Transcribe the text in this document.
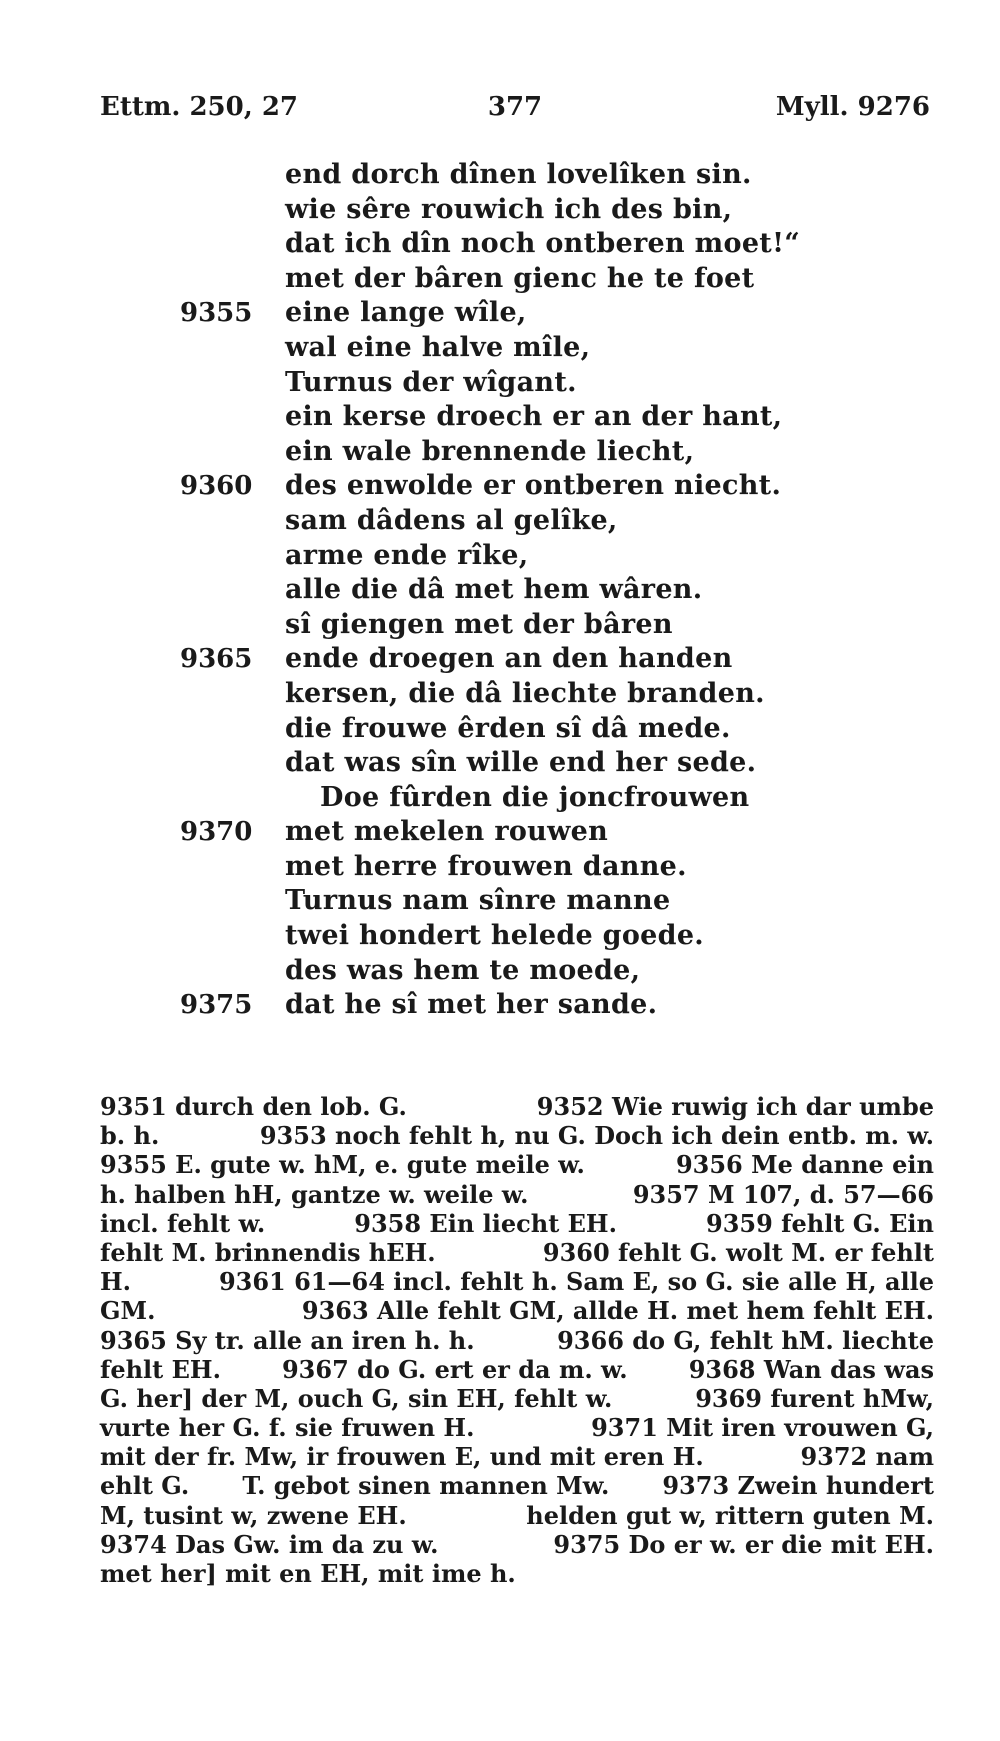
Ettm. 250, 27	377	Myll. 9276
end dorch dînen lovelîken sin.
wie sêre rouwich ich des bin,
dat ich dîn noch ontberen moet!“
met der bâren gienc he te foet
9355 eine lange wîle,
wal eine halve mîle,
Turnus der wîgant.
ein kerse droech er an der hant,
ein wale brennende liecht,
9360 des enwolde er ontberen niecht.
sam dâdens al gelîke,
arme ende rîke,
alle die dâ met hem wâren.
sî giengen met der bâren
9365 ende droegen an den handen
kersen, die dâ liechte branden.
die frouwe êrden sî dâ mede.
dat was sîn wille end her sede.
Doe fûrden die joncfrouwen
9370 met mekelen rouwen
met herre frouwen danne.
Turnus nam sînre manne
twei hondert helede goede.
des was hem te moede,
9375 dat he sî met her sande.
9351 durch den lob. G.	9352 Wie ruwig ich dar umbe
b. h.	9353 noch fehlt h, nu G. Doch ich dein entb. m. w.
9355 E. gute w. hM, e. gute meile w.	9356 Me danne ein
h. halben hH, gantze w. weile w.	9357 M 107, d. 57—66
incl. fehlt w.	9358 Ein liecht EH.	9359 fehlt G. Ein
fehlt M. brinnendis hEH.	9360 fehlt G. wolt M. er fehlt
H.	9361 61—64 incl. fehlt h. Sam E, so G. sie alle H, alle
GM.	9363 Alle fehlt GM, allde H. met hem fehlt EH.
9365 Sy tr. alle an iren h. h.	9366 do G, fehlt hM. liechte
fehlt EH.	9367 do G. ert er da m. w.	9368 Wan das was
G. her] der M, ouch G, sin EH, fehlt w.	9369 furent hMw,
vurte her G. f. sie fruwen H.	9371 Mit iren vrouwen G,
mit der fr. Mw, ir frouwen E, und mit eren H.	9372 nam
ehlt G. T. gebot sinen mannen Mw. 9373 Zwein hundert
M, tusint w, zwene EH.	helden gut w, rittern guten M.
9374 Das Gw. im da zu w.	9375 Do er w. er die mit EH.
met her] mit en EH, mit ime h.
